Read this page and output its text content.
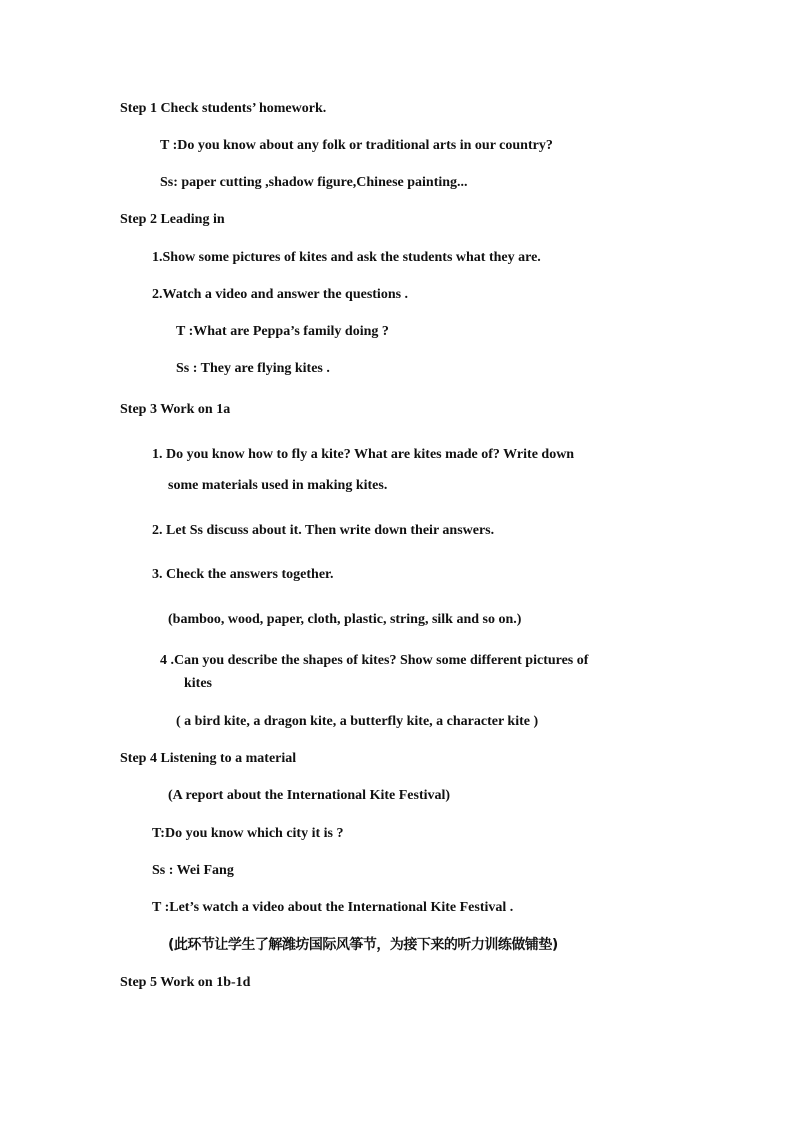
Step 1 Check students’ homework.

T :Do you know about any folk or traditional arts in our country?

Ss: paper cutting ,shadow figure,Chinese painting...

Step 2 Leading in

1.Show some pictures of kites and ask the students what they are.

2.Watch a video and answer the questions .

T :What are Peppa’s family doing ?

Ss : They are flying kites .

Step 3 Work on 1a

1. Do you know how to fly a kite? What are kites made of? Write down

some materials used in making kites.

2. Let Ss discuss about it. Then write down their answers.

3. Check the answers together.

(bamboo, wood, paper, cloth, plastic, string, silk and so on.)

4 .Can you describe the shapes of kites? Show some different pictures of

kites

( a bird kite, a dragon kite, a butterfly kite, a character kite )

Step 4 Listening to a material

(A report about the International Kite Festival)

T:Do you know which city it is ?

Ss : Wei Fang

T :Let’s watch a video about the International Kite Festival .

(此环节让学生了解潍坊国际风筝节，为接下来的听力训练做铺垫)

Step 5 Work on 1b-1d
